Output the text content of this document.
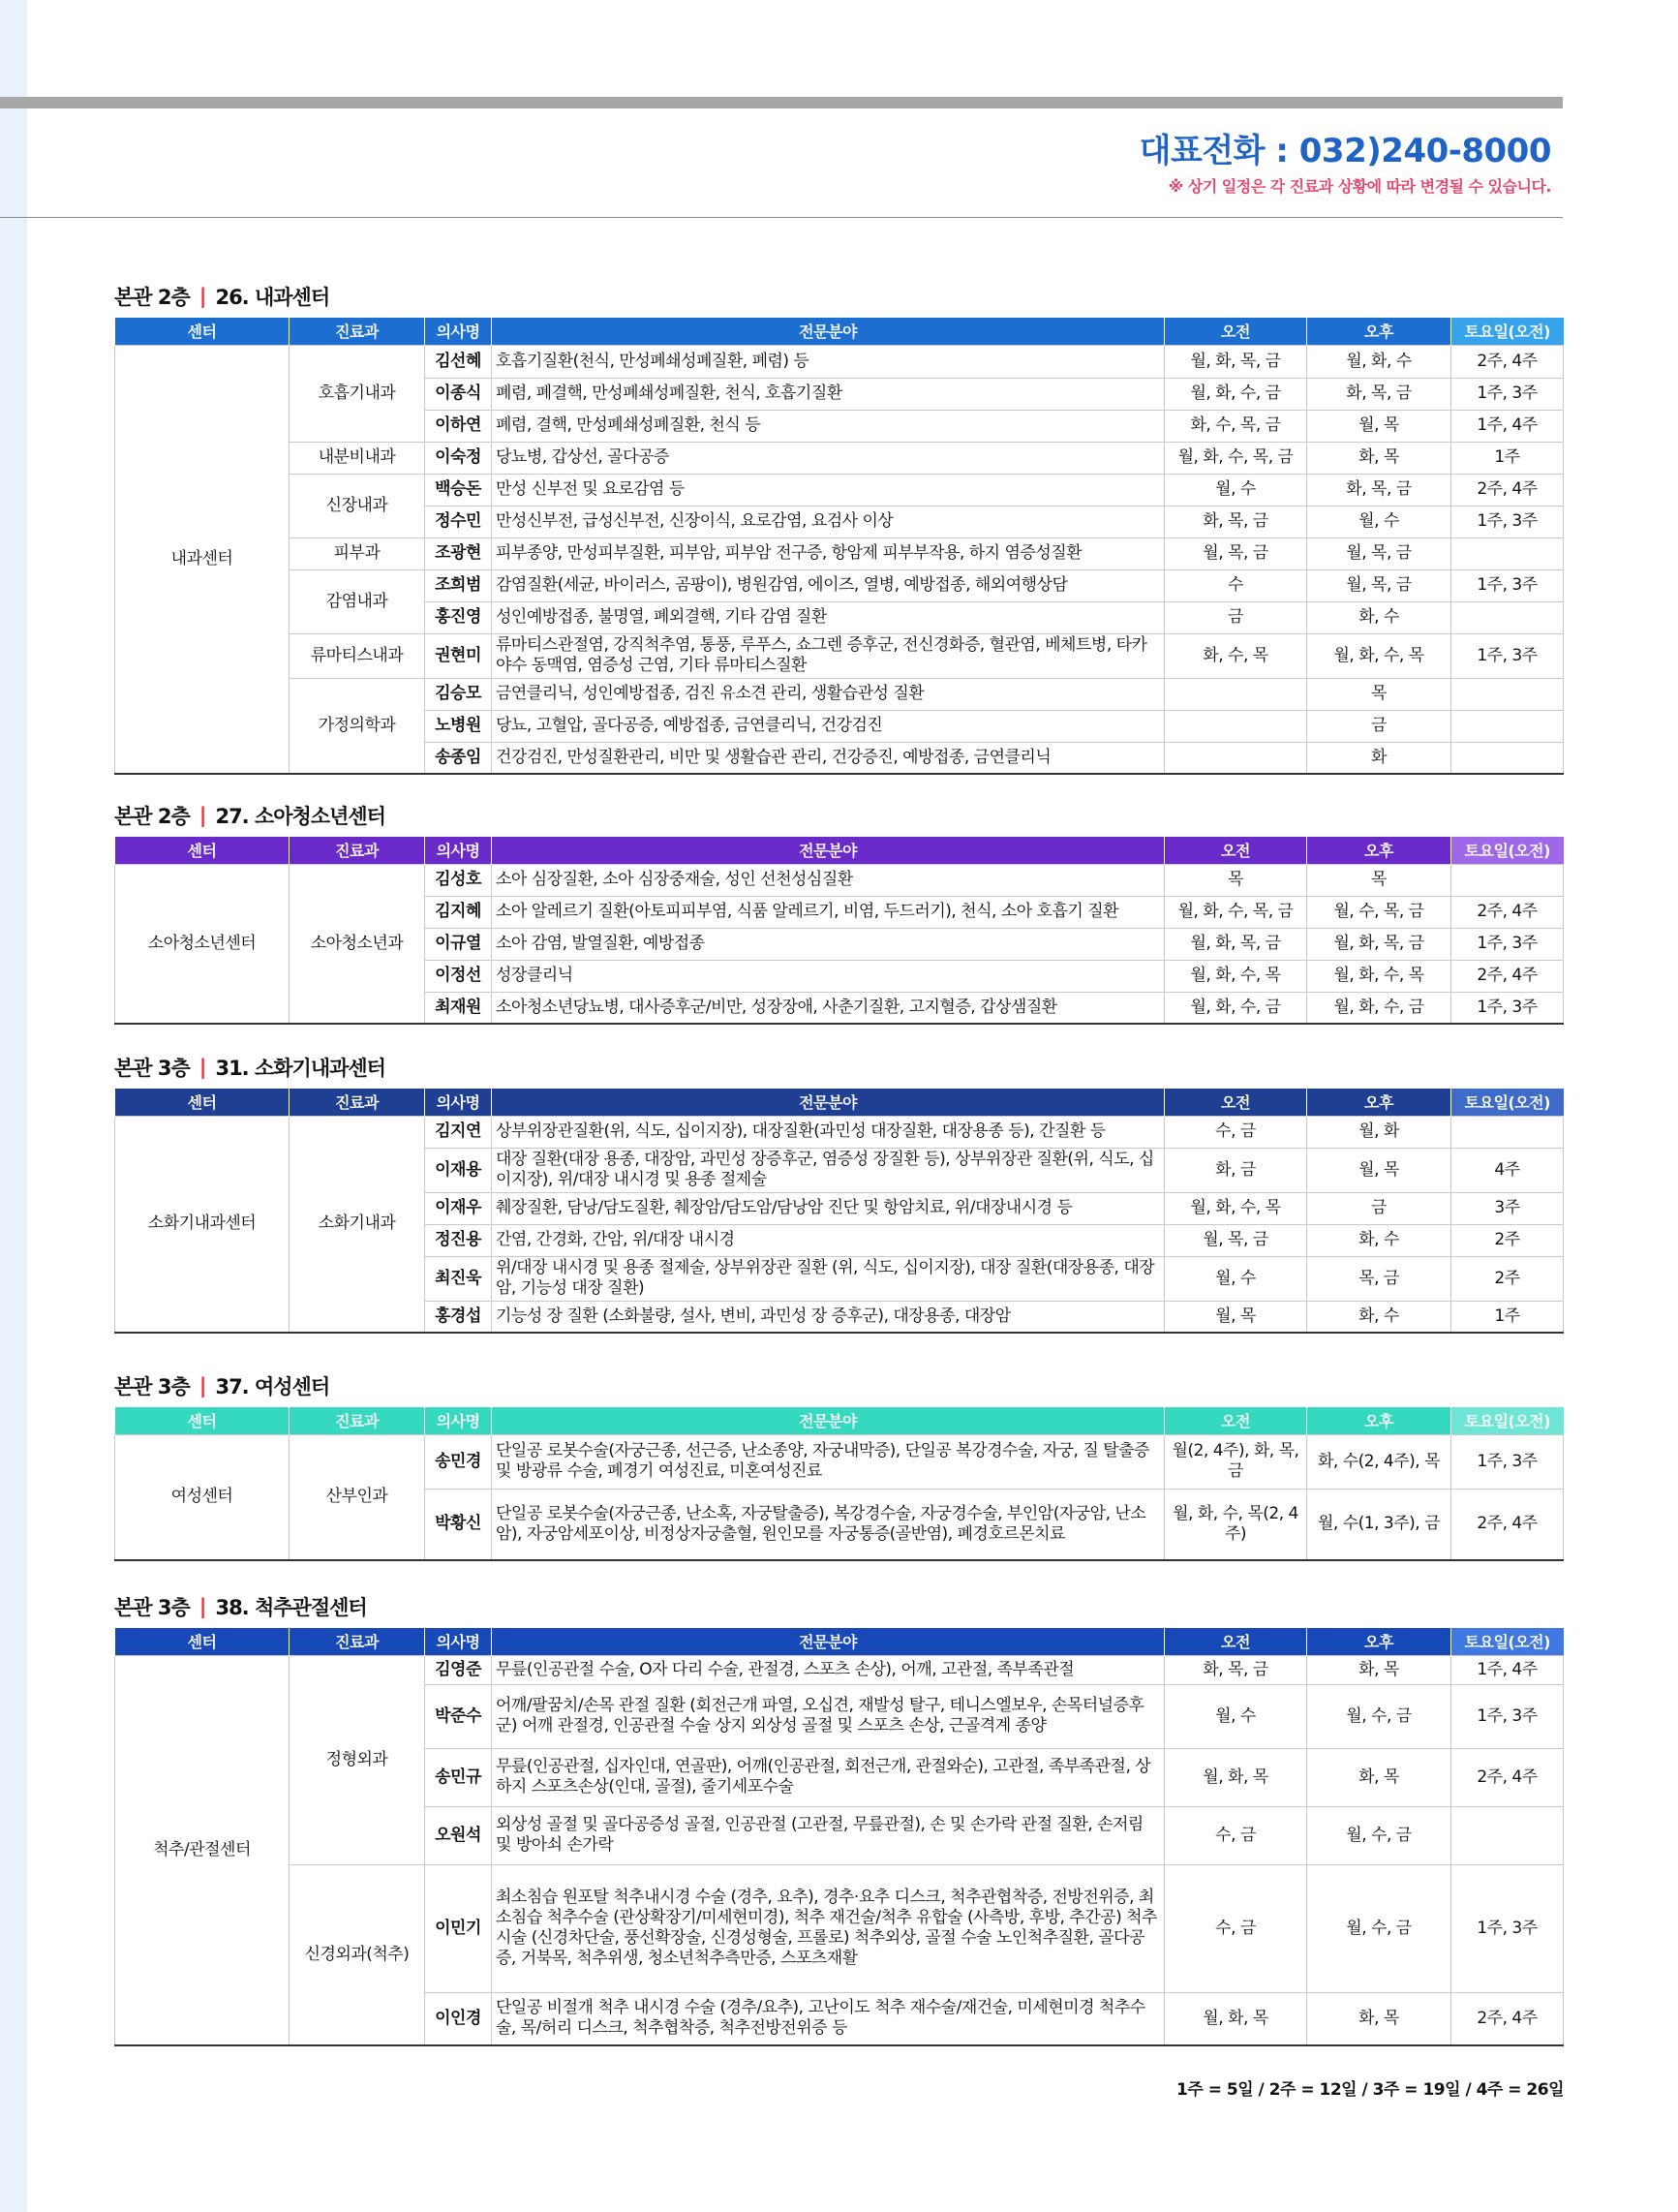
대표전화 : 032)240-8000
※ 상기 일정은 각 진료과 상황에 따라 변경될 수 있습니다.
본관 2층 | 26. 내과센터
센터	진료과	의사명	전문분야	오전	오후	토요일(오전)
내과센터	호흡기내과	김선혜	호흡기질환(천식, 만성폐쇄성폐질환, 폐렴) 등	월, 화, 목, 금	월, 화, 수	2주, 4주
		이종식	폐렴, 폐결핵, 만성폐쇄성폐질환, 천식, 호흡기질환	월, 화, 수, 금	화, 목, 금	1주, 3주
		이하연	폐렴, 결핵, 만성폐쇄성폐질환, 천식 등	화, 수, 목, 금	월, 목	1주, 4주
	내분비내과	이숙정	당뇨병, 갑상선, 골다공증	월, 화, 수, 목, 금	화, 목	1주
	신장내과	백승돈	만성 신부전 및 요로감염 등	월, 수	화, 목, 금	2주, 4주
		정수민	만성신부전, 급성신부전, 신장이식, 요로감염, 요검사 이상	화, 목, 금	월, 수	1주, 3주
	피부과	조광현	피부종양, 만성피부질환, 피부암, 피부암 전구증, 항암제 피부부작용, 하지 염증성질환	월, 목, 금	월, 목, 금	
	감염내과	조희범	감염질환(세균, 바이러스, 곰팡이), 병원감염, 에이즈, 열병, 예방접종, 해외여행상담	수	월, 목, 금	1주, 3주
		홍진영	성인예방접종, 불명열, 폐외결핵, 기타 감염 질환	금	화, 수	
	류마티스내과	권현미	류마티스관절염, 강직척추염, 통풍, 루푸스, 쇼그렌 증후군, 전신경화증, 혈관염, 베체트병, 타카야수 동맥염, 염증성 근염, 기타 류마티스질환	화, 수, 목	월, 화, 수, 목	1주, 3주
	가정의학과	김승모	금연클리닉, 성인예방접종, 검진 유소견 관리, 생활습관성 질환		목	
		노병원	당뇨, 고혈압, 골다공증, 예방접종, 금연클리닉, 건강검진		금	
		송종임	건강검진, 만성질환관리, 비만 및 생활습관 관리, 건강증진, 예방접종, 금연클리닉		화	
본관 2층 | 27. 소아청소년센터
센터	진료과	의사명	전문분야	오전	오후	토요일(오전)
소아청소년센터	소아청소년과	김성호	소아 심장질환, 소아 심장중재술, 성인 선천성심질환	목	목	
		김지혜	소아 알레르기 질환(아토피피부염, 식품 알레르기, 비염, 두드러기), 천식, 소아 호흡기 질환	월, 화, 수, 목, 금	월, 수, 목, 금	2주, 4주
		이규열	소아 감염, 발열질환, 예방접종	월, 화, 목, 금	월, 화, 목, 금	1주, 3주
		이정선	성장클리닉	월, 화, 수, 목	월, 화, 수, 목	2주, 4주
		최재원	소아청소년당뇨병, 대사증후군/비만, 성장장애, 사춘기질환, 고지혈증, 갑상샘질환	월, 화, 수, 금	월, 화, 수, 금	1주, 3주
본관 3층 | 31. 소화기내과센터
센터	진료과	의사명	전문분야	오전	오후	토요일(오전)
소화기내과센터	소화기내과	김지연	상부위장관질환(위, 식도, 십이지장), 대장질환(과민성 대장질환, 대장용종 등), 간질환 등	수, 금	월, 화	
		이재용	대장 질환(대장 용종, 대장암, 과민성 장증후군, 염증성 장질환 등), 상부위장관 질환(위, 식도, 십이지장), 위/대장 내시경 및 용종 절제술	화, 금	월, 목	4주
		이재우	췌장질환, 담낭/담도질환, 췌장암/담도암/담낭암 진단 및 항암치료, 위/대장내시경 등	월, 화, 수, 목	금	3주
		정진용	간염, 간경화, 간암, 위/대장 내시경	월, 목, 금	화, 수	2주
		최진욱	위/대장 내시경 및 용종 절제술, 상부위장관 질환 (위, 식도, 십이지장), 대장 질환(대장용종, 대장암, 기능성 대장 질환)	월, 수	목, 금	2주
		홍경섭	기능성 장 질환 (소화불량, 설사, 변비, 과민성 장 증후군), 대장용종, 대장암	월, 목	화, 수	1주
본관 3층 | 37. 여성센터
센터	진료과	의사명	전문분야	오전	오후	토요일(오전)
여성센터	산부인과	송민경	단일공 로봇수술(자궁근종, 선근증, 난소종양, 자궁내막증), 단일공 복강경수술, 자궁, 질 탈출증 및 방광류 수술, 폐경기 여성진료, 미혼여성진료	월(2, 4주), 화, 목, 금	화, 수(2, 4주), 목	1주, 3주
		박황신	단일공 로봇수술(자궁근종, 난소혹, 자궁탈출증), 복강경수술, 자궁경수술, 부인암(자궁암, 난소암), 자궁암세포이상, 비정상자궁출혈, 원인모를 자궁통증(골반염), 폐경호르몬치료	월, 화, 수, 목(2, 4주)	월, 수(1, 3주), 금	2주, 4주
본관 3층 | 38. 척추관절센터
센터	진료과	의사명	전문분야	오전	오후	토요일(오전)
척추/관절센터	정형외과	김영준	무릎(인공관절 수술, O자 다리 수술, 관절경, 스포츠 손상), 어깨, 고관절, 족부족관절	화, 목, 금	화, 목	1주, 4주
		박준수	어깨/팔꿈치/손목 관절 질환 (회전근개 파열, 오십견, 재발성 탈구, 테니스엘보우, 손목터널증후군) 어깨 관절경, 인공관절 수술 상지 외상성 골절 및 스포츠 손상, 근골격계 종양	월, 수	월, 수, 금	1주, 3주
		송민규	무릎(인공관절, 십자인대, 연골판), 어깨(인공관절, 회전근개, 관절와순), 고관절, 족부족관절, 상하지 스포츠손상(인대, 골절), 줄기세포수술	월, 화, 목	화, 목	2주, 4주
		오원석	외상성 골절 및 골다공증성 골절, 인공관절 (고관절, 무릎관절), 손 및 손가락 관절 질환, 손저림 및 방아쇠 손가락	수, 금	월, 수, 금	
	신경외과(척추)	이민기	최소침습 원포탈 척추내시경 수술 (경추, 요추), 경추·요추 디스크, 척추관협착증, 전방전위증, 최소침습 척추수술 (관상확장기/미세현미경), 척추 재건술/척추 유합술 (사측방, 후방, 추간공) 척추 시술 (신경차단술, 풍선확장술, 신경성형술, 프롤로) 척추외상, 골절 수술 노인척추질환, 골다공증, 거북목, 척추위생, 청소년척추측만증, 스포츠재활	수, 금	월, 수, 금	1주, 3주
		이인경	단일공 비절개 척추 내시경 수술 (경추/요추), 고난이도 척추 재수술/재건술, 미세현미경 척추수술, 목/허리 디스크, 척추협착증, 척추전방전위증 등	월, 화, 목	화, 목	2주, 4주
1주 = 5일 / 2주 = 12일 / 3주 = 19일 / 4주 = 26일
